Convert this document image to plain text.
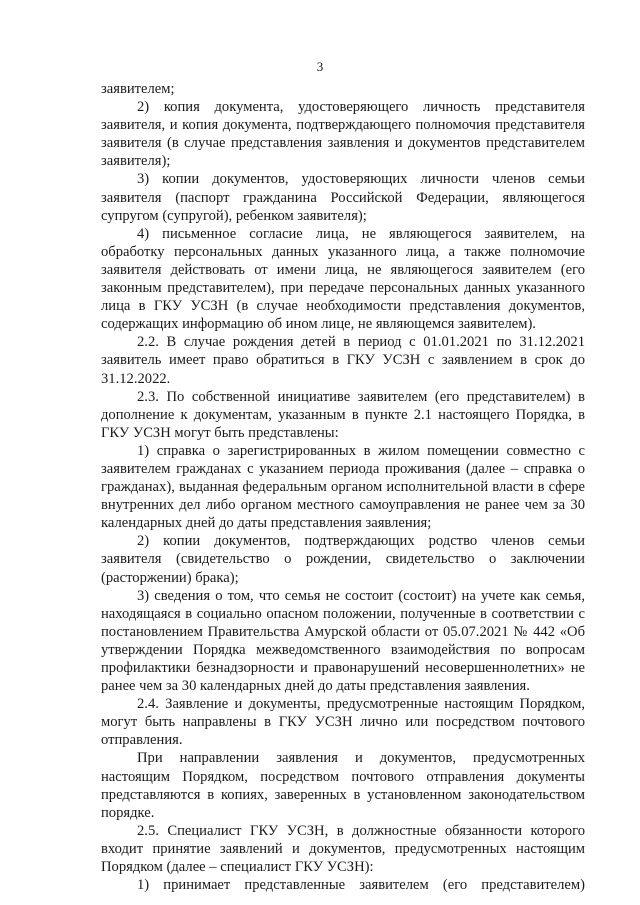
3

заявителем;

2) копия документа, удостоверяющего личность представителя заявителя, и копия документа, подтверждающего полномочия представителя заявителя (в случае представления заявления и документов представителем заявителя);

3) копии документов, удостоверяющих личности членов семьи заявителя (паспорт гражданина Российской Федерации, являющегося супругом (супругой), ребенком заявителя);

4) письменное согласие лица, не являющегося заявителем, на обработку персональных данных указанного лица, а также полномочие заявителя действовать от имени лица, не являющегося заявителем (его законным представителем), при передаче персональных данных указанного лица в ГКУ УСЗН (в случае необходимости представления документов, содержащих информацию об ином лице, не являющемся заявителем).

2.2. В случае рождения детей в период с 01.01.2021 по 31.12.2021 заявитель имеет право обратиться в ГКУ УСЗН с заявлением в срок до 31.12.2022.

2.3. По собственной инициативе заявителем (его представителем) в дополнение к документам, указанным в пункте 2.1 настоящего Порядка, в ГКУ УСЗН могут быть представлены:

1) справка о зарегистрированных в жилом помещении совместно с заявителем гражданах с указанием периода проживания (далее – справка о гражданах), выданная федеральным органом исполнительной власти в сфере внутренних дел либо органом местного самоуправления не ранее чем за 30 календарных дней до даты представления заявления;

2) копии документов, подтверждающих родство членов семьи заявителя (свидетельство о рождении, свидетельство о заключении (расторжении) брака);

3) сведения о том, что семья не состоит (состоит) на учете как семья, находящаяся в социально опасном положении, полученные в соответствии с постановлением Правительства Амурской области от 05.07.2021 № 442 «Об утверждении Порядка межведомственного взаимодействия по вопросам профилактики безнадзорности и правонарушений несовершеннолетних» не ранее чем за 30 календарных дней до даты представления заявления.

2.4. Заявление и документы, предусмотренные настоящим Порядком, могут быть направлены в ГКУ УСЗН лично или посредством почтового отправления.

При направлении заявления и документов, предусмотренных настоящим Порядком, посредством почтового отправления документы представляются в копиях, заверенных в установленном законодательством порядке.

2.5. Специалист ГКУ УСЗН, в должностные обязанности которого входит принятие заявлений и документов, предусмотренных настоящим Порядком (далее – специалист ГКУ УСЗН):

1) принимает представленные заявителем (его представителем)
